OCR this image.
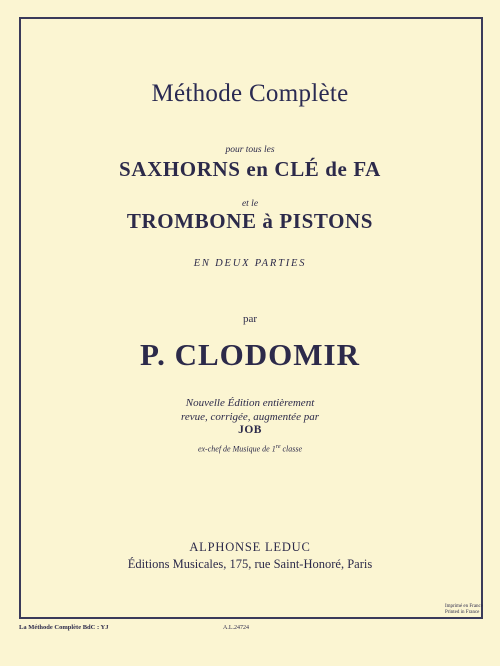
Méthode Complète
pour tous les
SAXHORNS en CLÉ de FA
et le
TROMBONE à PISTONS
EN DEUX PARTIES
par
P. CLODOMIR
Nouvelle Édition entièrement
revue, corrigée, augmentée par
JOB
ex-chef de Musique de 1re classe
ALPHONSE LEDUC
Éditions Musicales, 175, rue Saint-Honoré, Paris
Imprimé en France
Printed in France
La Méthode Complète BdC : YJ	A.L.24724
